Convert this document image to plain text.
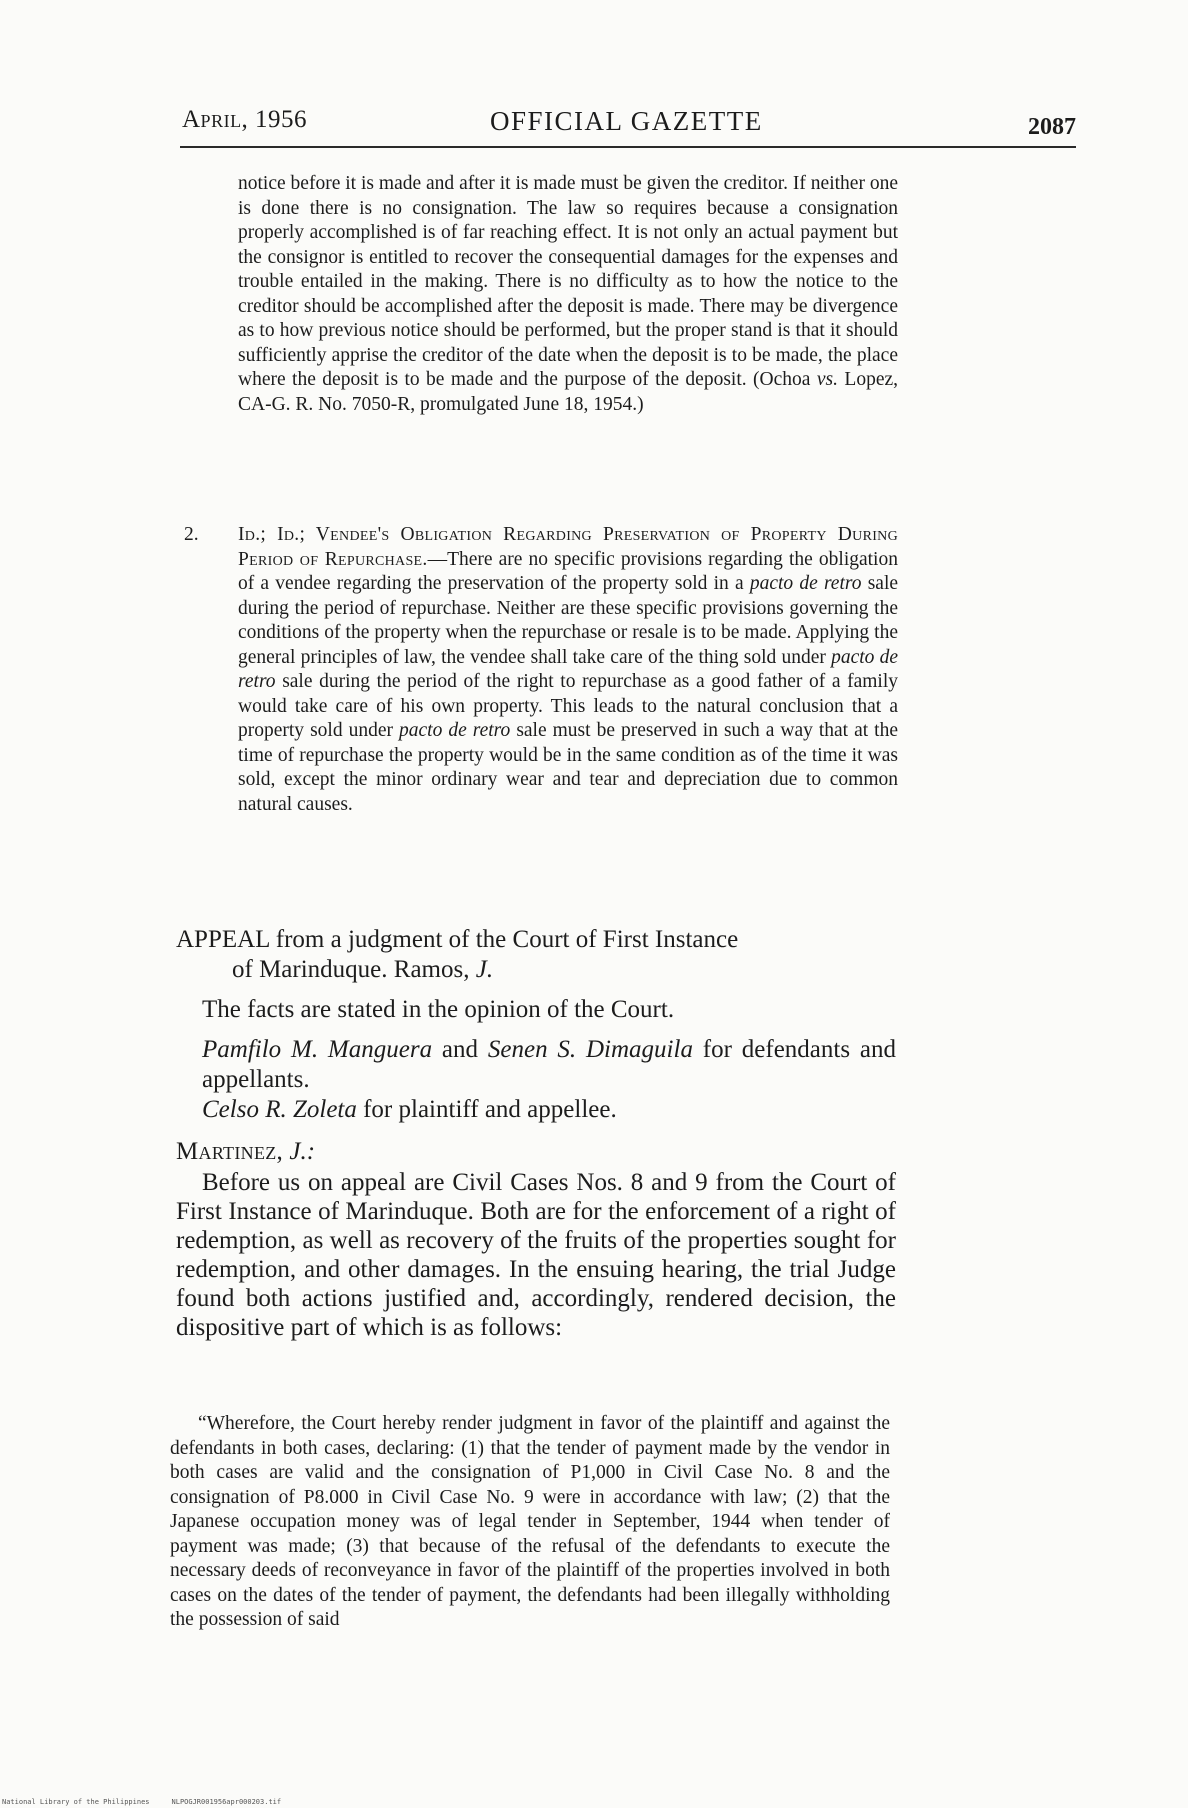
April, 1956	OFFICIAL GAZETTE	2087
notice before it is made and after it is made must be given the creditor. If neither one is done there is no consignation. The law so requires because a consignation properly accomplished is of far reaching effect. It is not only an actual payment but the consignor is entitled to recover the consequential damages for the expenses and trouble entailed in the making. There is no difficulty as to how the notice to the creditor should be accomplished after the deposit is made. There may be divergence as to how previous notice should be performed, but the proper stand is that it should sufficiently apprise the creditor of the date when the deposit is to be made, the place where the deposit is to be made and the purpose of the deposit. (Ochoa vs. Lopez, CA-G. R. No. 7050-R, promulgated June 18, 1954.)
2.	Id.; Id.; Vendee's Obligation Regarding Preservation of Property During Period of Repurchase.—There are no specific provisions regarding the obligation of a vendee regarding the preservation of the property sold in a pacto de retro sale during the period of repurchase. Neither are these specific provisions governing the conditions of the property when the repurchase or resale is to be made. Applying the general principles of law, the vendee shall take care of the thing sold under pacto de retro sale during the period of the right to repurchase as a good father of a family would take care of his own property. This leads to the natural conclusion that a property sold under pacto de retro sale must be preserved in such a way that at the time of repurchase the property would be in the same condition as of the time it was sold, except the minor ordinary wear and tear and depreciation due to common natural causes.
APPEAL from a judgment of the Court of First Instance
of Marinduque. Ramos, J.
The facts are stated in the opinion of the Court.
Pamfilo M. Manguera and Senen S. Dimaguila for defendants and appellants.
Celso R. Zoleta for plaintiff and appellee.
Martinez, J.:

Before us on appeal are Civil Cases Nos. 8 and 9 from the Court of First Instance of Marinduque. Both are for the enforcement of a right of redemption, as well as recovery of the fruits of the properties sought for redemption, and other damages. In the ensuing hearing, the trial Judge found both actions justified and, accordingly, rendered decision, the dispositive part of which is as follows:

“Wherefore, the Court hereby render judgment in favor of the plaintiff and against the defendants in both cases, declaring: (1) that the tender of payment made by the vendor in both cases are valid and the consignation of P1,000 in Civil Case No. 8 and the consignation of P8.000 in Civil Case No. 9 were in accordance with law; (2) that the Japanese occupation money was of legal tender in September, 1944 when tender of payment was made; (3) that because of the refusal of the defendants to execute the necessary deeds of reconveyance in favor of the plaintiff of the properties involved in both cases on the dates of the tender of payment, the defendants had been illegally withholding the possession of said

National Library of the Philippines	NLPOGJR001956apr000203.tif
